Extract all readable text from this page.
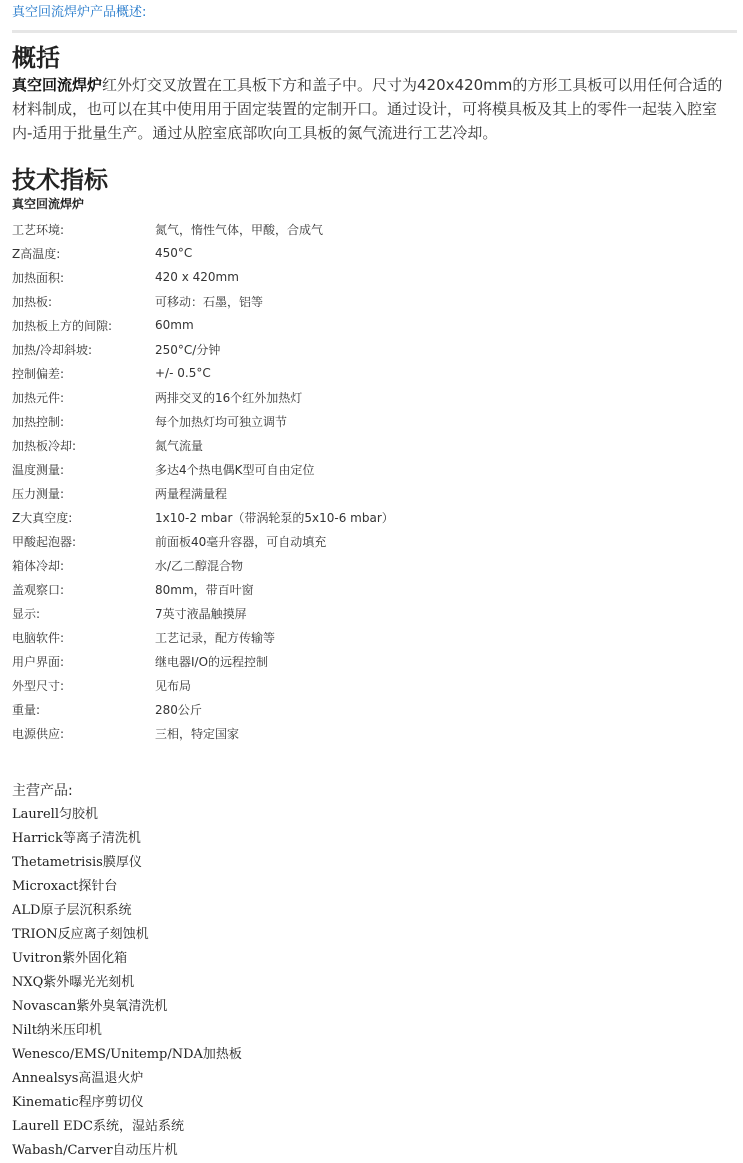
真空回流焊炉产品概述:
概括

真空回流焊炉红外灯交叉放置在工具板下方和盖子中。尺寸为420x420mm的方形工具板可以用任何合适的材料制成，也可以在其中使用用于固定装置的定制开口。通过设计，可将模具板及其上的零件一起装入腔室内-适用于批量生产。通过从腔室底部吹向工具板的氮气流进行工艺冷却。

技术指标
真空回流焊炉
工艺环境:	氮气，惰性气体，甲酸，合成气
Z高温度:	450°C
加热面积:	420 x 420mm
加热板:	可移动：石墨，铝等
加热板上方的间隙:	60mm
加热/冷却斜坡:	250°C/分钟
控制偏差:	+/- 0.5°C
加热元件:	两排交叉的16个红外加热灯
加热控制:	每个加热灯均可独立调节
加热板冷却:	氮气流量
温度测量:	多达4个热电偶K型可自由定位
压力测量:	两量程满量程
Z大真空度:	1x10-2 mbar（带涡轮泵的5x10-6 mbar）
甲酸起泡器:	前面板40毫升容器，可自动填充
箱体冷却:	水/乙二醇混合物
盖观察口:	80mm，带百叶窗
显示:	7英寸液晶触摸屏
电脑软件:	工艺记录，配方传输等
用户界面:	继电器I/O的远程控制
外型尺寸:	见布局
重量:	280公斤
电源供应:	三相，特定国家
主营产品:
Laurell匀胶机
Harrick等离子清洗机
Thetametrisis膜厚仪
Microxact探针台
ALD原子层沉积系统
TRION反应离子刻蚀机
Uvitron紫外固化箱
NXQ紫外曝光光刻机
Novascan紫外臭氧清洗机
Nilt纳米压印机
Wenesco/EMS/Unitemp/NDA加热板
Annealsys高温退火炉
Kinematic程序剪切仪
Laurell EDC系统，湿站系统
Wabash/Carver自动压片机
